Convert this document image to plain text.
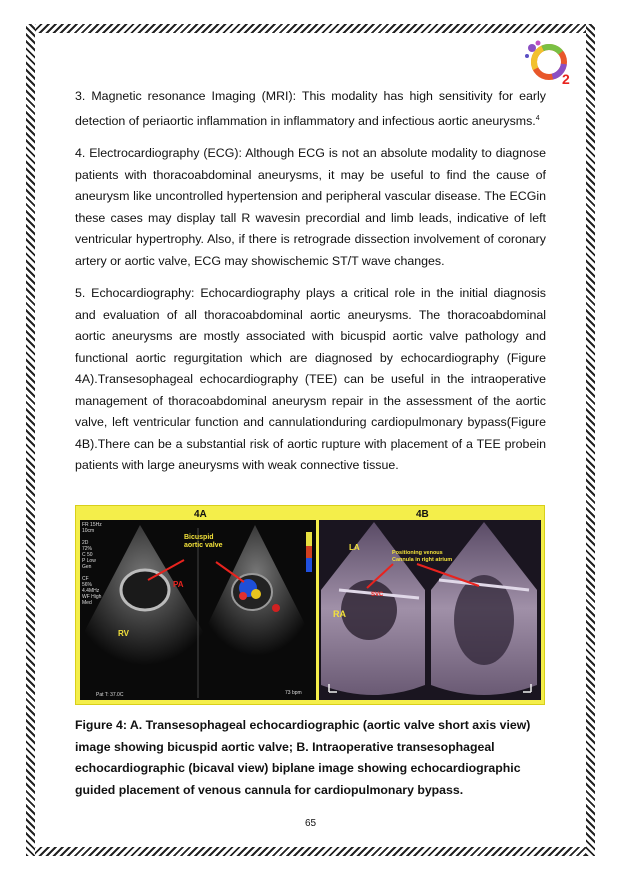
2

3. Magnetic resonance Imaging (MRI): This modality has high sensitivity for early detection of periaortic inflammation in inflammatory and infectious aortic aneurysms.$^4$

4. Electrocardiography (ECG): Although ECG is not an absolute modality to diagnose patients with thoracoabdominal aneurysms, it may be useful to find the cause of aneurysm like uncontrolled hypertension and peripheral vascular disease. The ECGin these cases may display tall R wavesin precordial and limb leads, indicative of left ventricular hypertrophy. Also, if there is retrograde dissection involvement of coronary artery or aortic valve, ECG may showischemic ST/T wave changes.

5. Echocardiography: Echocardiography plays a critical role in the initial diagnosis and evaluation of all thoracoabdominal aortic aneurysms. The thoracoabdominal aortic aneurysms are mostly associated with bicuspid aortic valve pathology and functional aortic regurgitation which are diagnosed by echocardiography (Figure 4A).Transesophageal echocardiography (TEE) can be useful in the intraoperative management of thoracoabdominal aneurysm repair in the assessment of the aortic valve, left ventricular function and cannulationduring cardiopulmonary bypass(Figure 4B).There can be a substantial risk of aortic rupture with placement of a TEE probein patients with large aneurysms with weak connective tissue.

4A	4B
Bicuspid
aortic valve
PA
RV
FR 15Hz
10cm

2D
72%
C 50
P Low
Gen

CF
56%
4.4MHz
WF High
Med
73 bpm
Pat T: 37.0C
LA
RA
SVC
Positioning venous
Cannula in right atrium

Figure 4: A. Transesophageal echocardiographic (aortic valve short axis view) image showing bicuspid aortic valve; B. Intraoperative transesophageal echocardiographic (bicaval view) biplane image showing echocardiographic guided placement of venous cannula for cardiopulmonary bypass.

65
